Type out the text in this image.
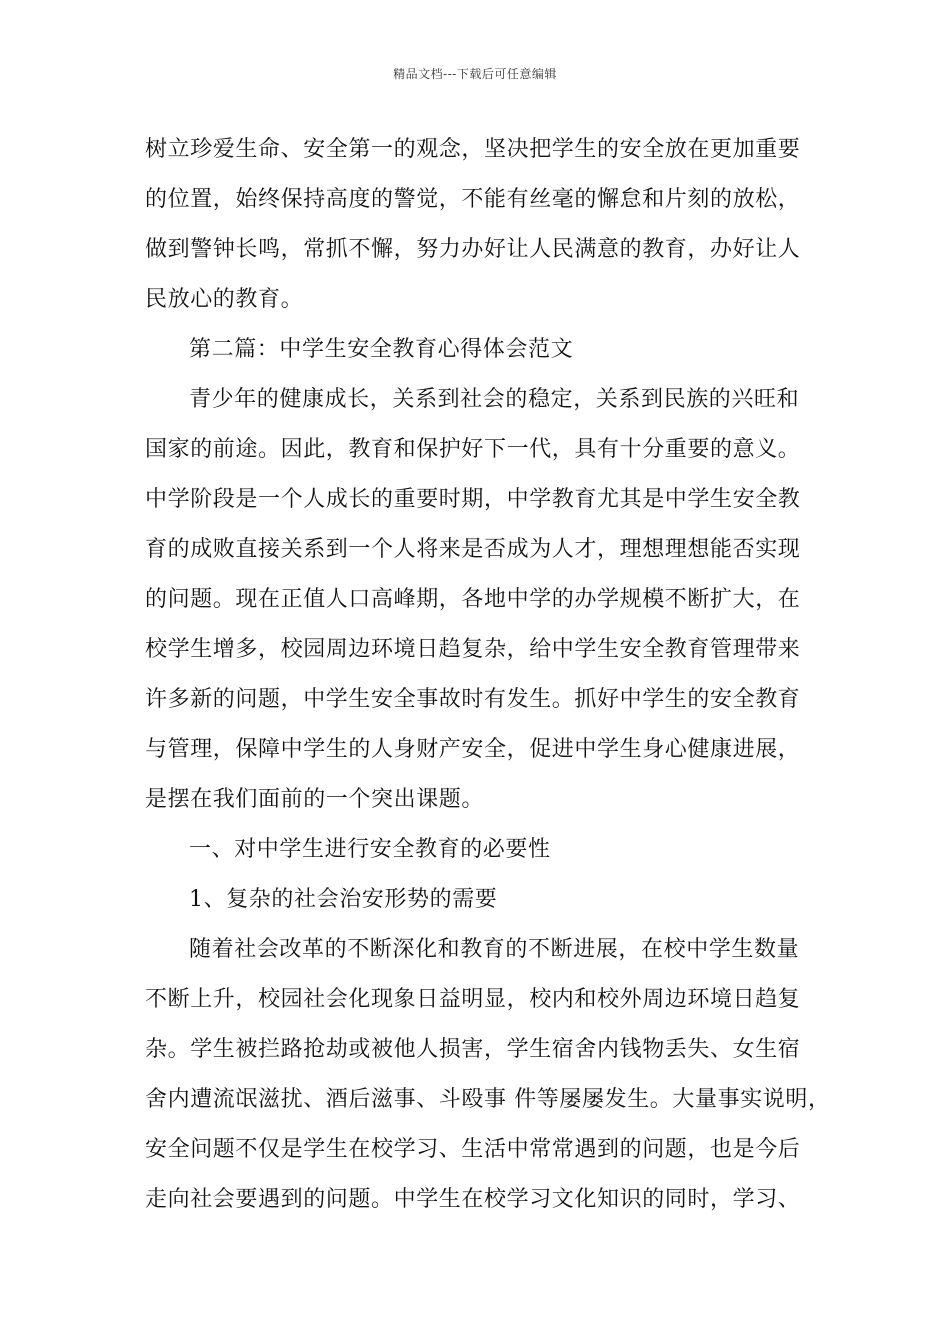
精品文档---下载后可任意编辑
树立珍爱生命、安全第一的观念，坚决把学生的安全放在更加重要
的位置，始终保持高度的警觉，不能有丝毫的懈怠和片刻的放松，
做到警钟长鸣，常抓不懈，努力办好让人民满意的教育，办好让人
民放心的教育。
第二篇：中学生安全教育心得体会范文
青少年的健康成长，关系到社会的稳定，关系到民族的兴旺和
国家的前途。因此，教育和保护好下一代，具有十分重要的意义。
中学阶段是一个人成长的重要时期，中学教育尤其是中学生安全教
育的成败直接关系到一个人将来是否成为人才，理想理想能否实现
的问题。现在正值人口高峰期，各地中学的办学规模不断扩大，在
校学生增多，校园周边环境日趋复杂，给中学生安全教育管理带来
许多新的问题，中学生安全事故时有发生。抓好中学生的安全教育
与管理，保障中学生的人身财产安全，促进中学生身心健康进展，
是摆在我们面前的一个突出课题。
一、对中学生进行安全教育的必要性
1、复杂的社会治安形势的需要
随着社会改革的不断深化和教育的不断进展，在校中学生数量
不断上升，校园社会化现象日益明显，校内和校外周边环境日趋复
杂。学生被拦路抢劫或被他人损害，学生宿舍内钱物丢失、女生宿
舍内遭流氓滋扰、酒后滋事、斗殴事 件等屡屡发生。大量事实说明，
安全问题不仅是学生在校学习、生活中常常遇到的问题，也是今后
走向社会要遇到的问题。中学生在校学习文化知识的同时，学习、
